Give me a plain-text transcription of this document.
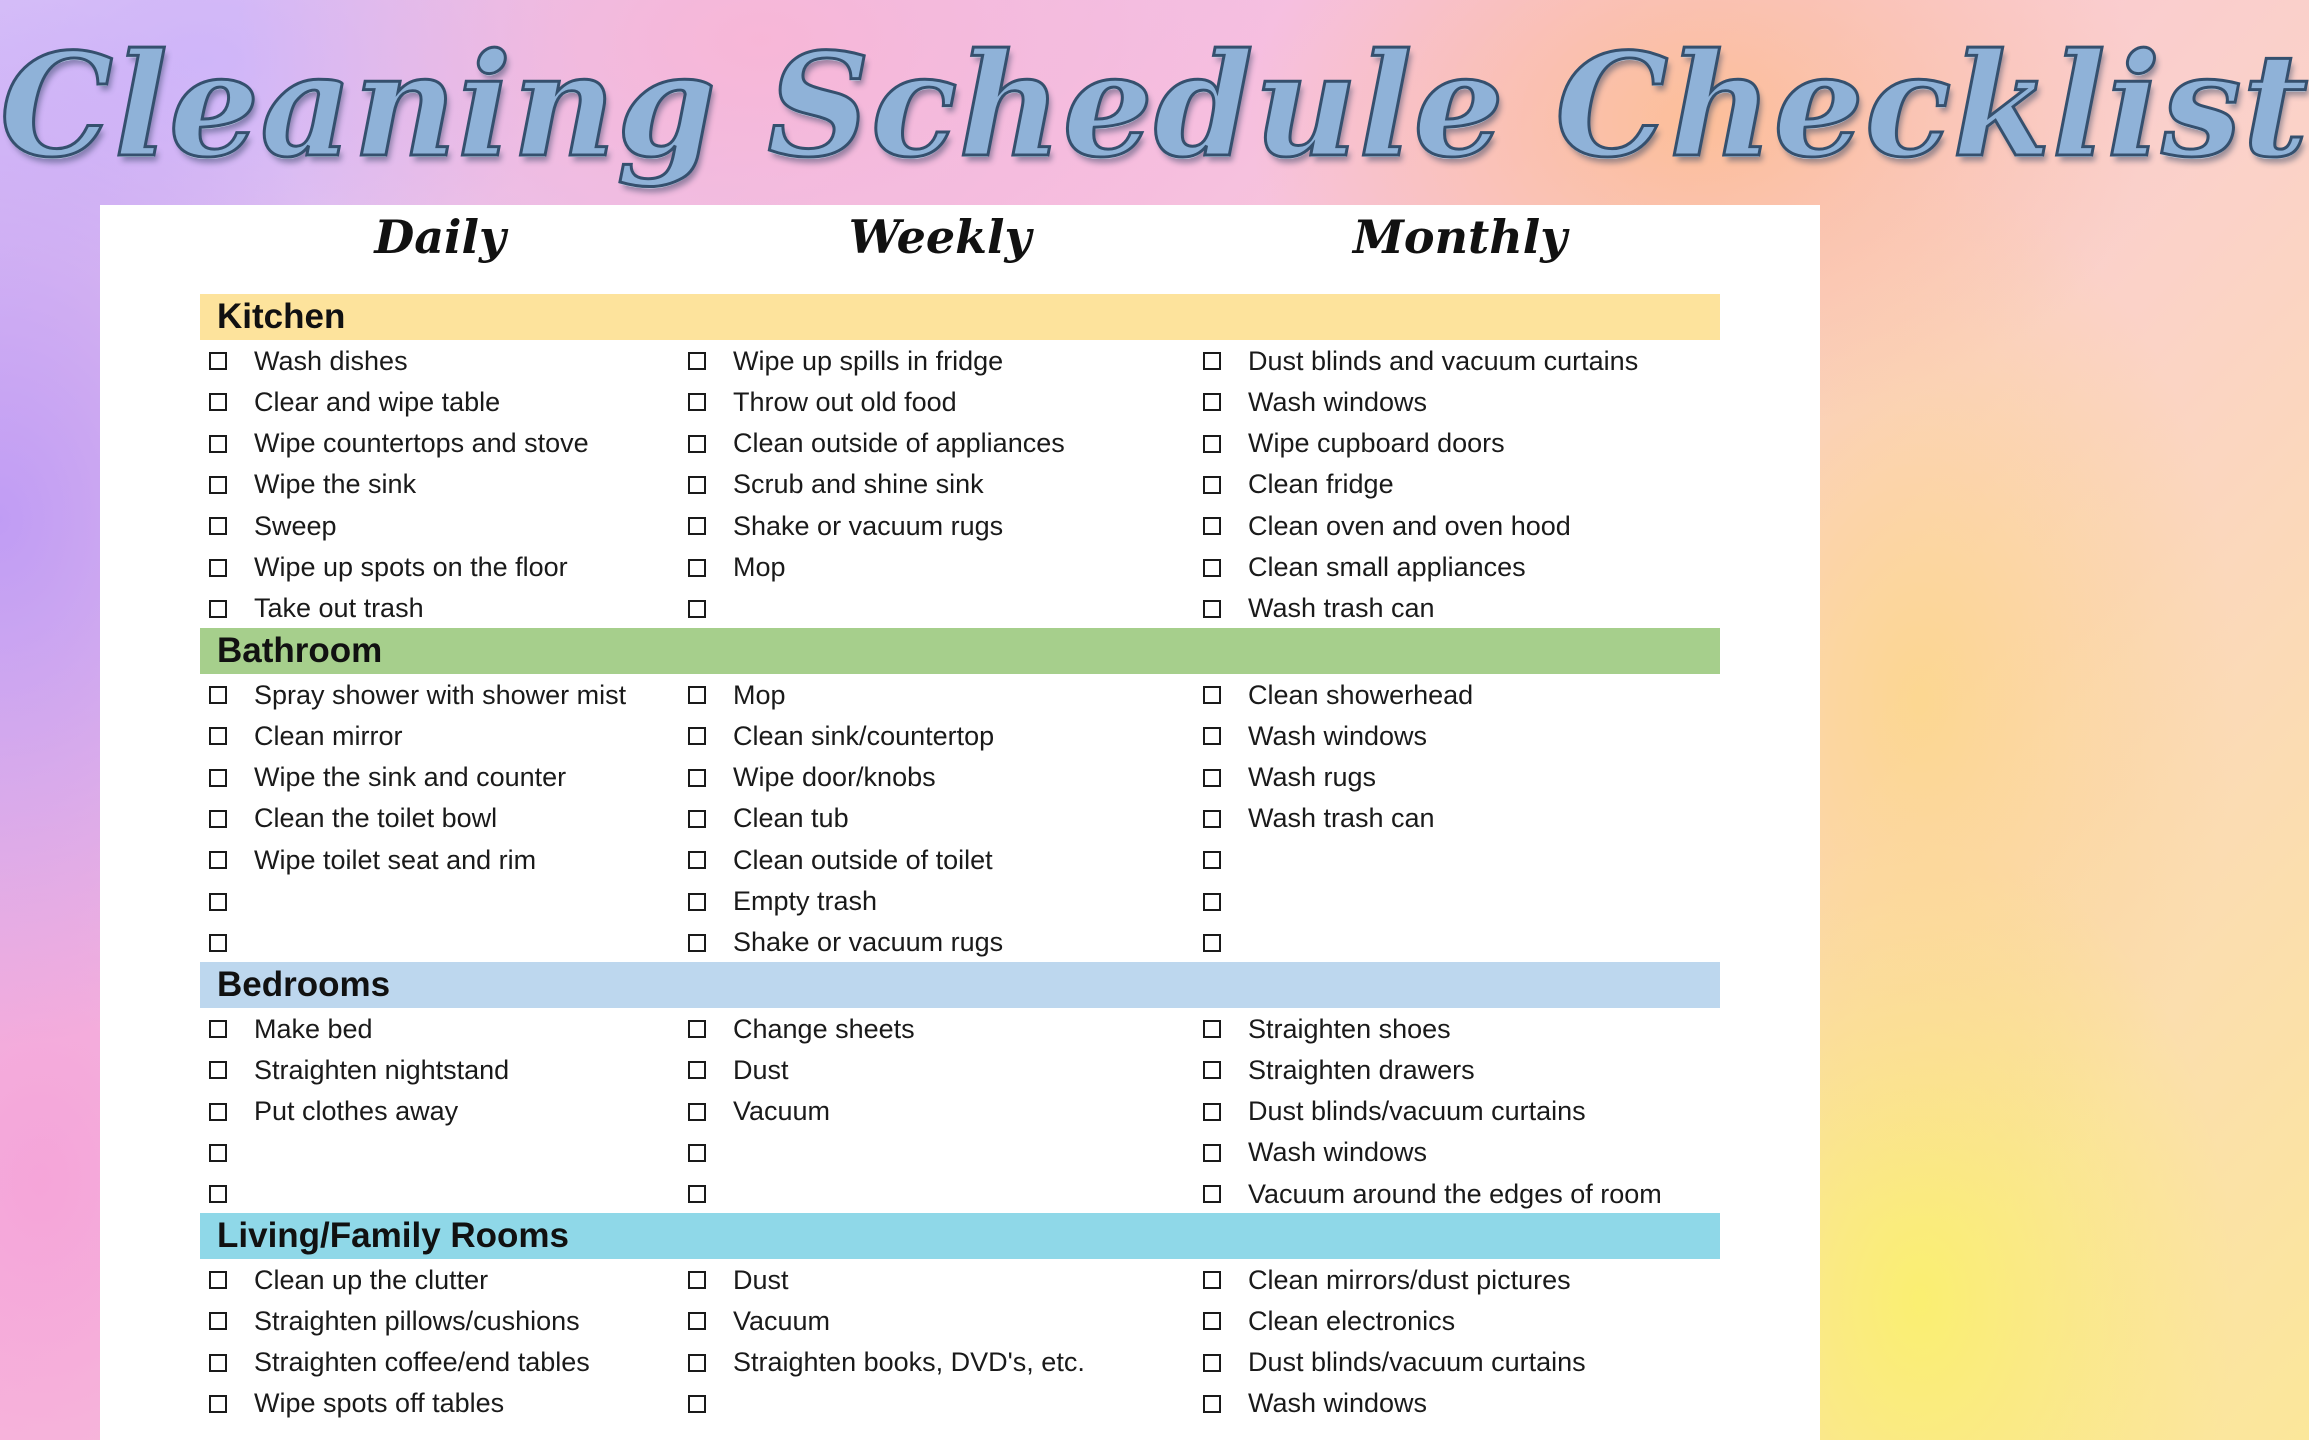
Cleaning Schedule Checklist
Daily	Weekly	Monthly
Kitchen
Wash dishes
Clear and wipe table
Wipe countertops and stove
Wipe the sink
Sweep
Wipe up spots on the floor
Take out trash
Wipe up spills in fridge
Throw out old food
Clean outside of appliances
Scrub and shine sink
Shake or vacuum rugs
Mop
Dust blinds and vacuum curtains
Wash windows
Wipe cupboard doors
Clean fridge
Clean oven and oven hood
Clean small appliances
Wash trash can
Bathroom
Spray shower with shower mist
Clean mirror
Wipe the sink and counter
Clean the toilet bowl
Wipe toilet seat and rim
Mop
Clean sink/countertop
Wipe door/knobs
Clean tub
Clean outside of toilet
Empty trash
Shake or vacuum rugs
Clean showerhead
Wash windows
Wash rugs
Wash trash can
Bedrooms
Make bed
Straighten nightstand
Put clothes away
Change sheets
Dust
Vacuum
Straighten shoes
Straighten drawers
Dust blinds/vacuum curtains
Wash windows
Vacuum around the edges of room
Living/Family Rooms
Clean up the clutter
Straighten pillows/cushions
Straighten coffee/end tables
Wipe spots off tables
Dust
Vacuum
Straighten books, DVD's, etc.
Clean mirrors/dust pictures
Clean electronics
Dust blinds/vacuum curtains
Wash windows
